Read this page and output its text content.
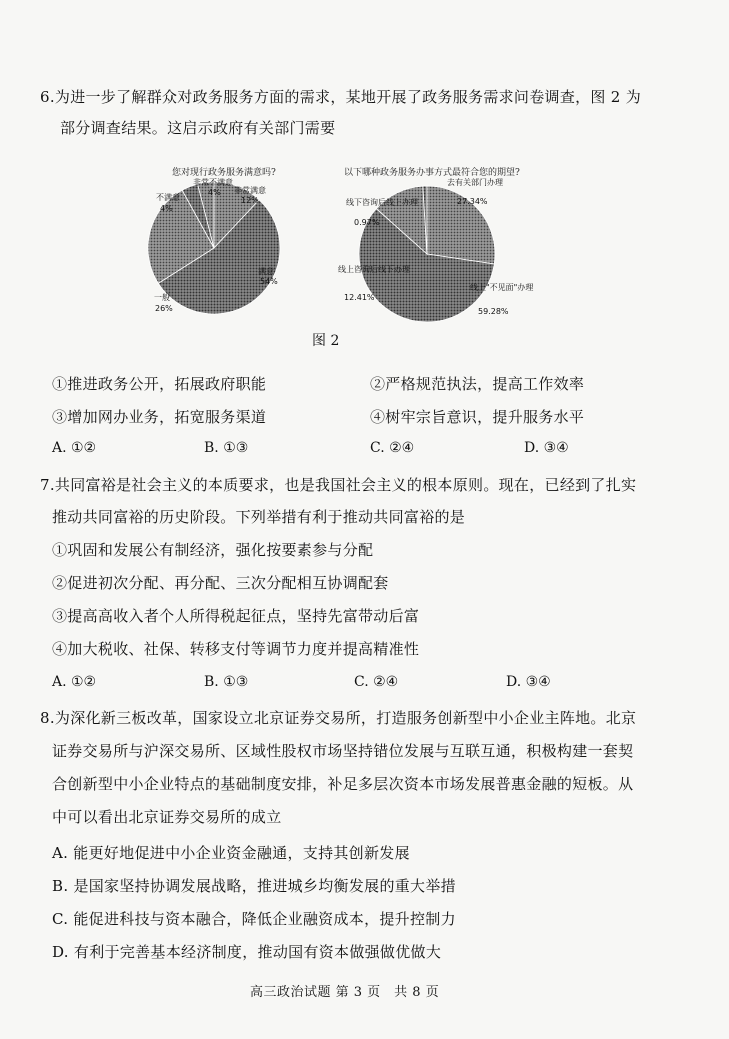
6.为进一步了解群众对政务服务方面的需求，某地开展了政务服务需求问卷调查，图 2 为
部分调查结果。这启示政府有关部门需要
您对现行政务服务满意吗?	以下哪种政务服务办事方式最符合您的期望?
非常不满意
4% 非常满意
12%
不满意
4%
满意
54%
一般
26%
去有关部门办理
27.34%
线下咨询后线上办理
0.97%
线上咨询后线下办理
12.41%
线上"不见面"办理
59.28%
图 2
①推进政务公开，拓展政府职能	②严格规范执法，提高工作效率
③增加网办业务，拓宽服务渠道	④树牢宗旨意识，提升服务水平
A. ①②	B. ①③	C. ②④	D. ③④
7.共同富裕是社会主义的本质要求，也是我国社会主义的根本原则。现在，已经到了扎实
推动共同富裕的历史阶段。下列举措有利于推动共同富裕的是
①巩固和发展公有制经济，强化按要素参与分配
②促进初次分配、再分配、三次分配相互协调配套
③提高高收入者个人所得税起征点，坚持先富带动后富
④加大税收、社保、转移支付等调节力度并提高精准性
A. ①②	B. ①③	C. ②④	D. ③④
8.为深化新三板改革，国家设立北京证券交易所，打造服务创新型中小企业主阵地。北京
证券交易所与沪深交易所、区域性股权市场坚持错位发展与互联互通，积极构建一套契
合创新型中小企业特点的基础制度安排，补足多层次资本市场发展普惠金融的短板。从
中可以看出北京证券交易所的成立
A. 能更好地促进中小企业资金融通，支持其创新发展
B. 是国家坚持协调发展战略，推进城乡均衡发展的重大举措
C. 能促进科技与资本融合，降低企业融资成本，提升控制力
D. 有利于完善基本经济制度，推动国有资本做强做优做大
高三政治试题 第 3 页　共 8 页
